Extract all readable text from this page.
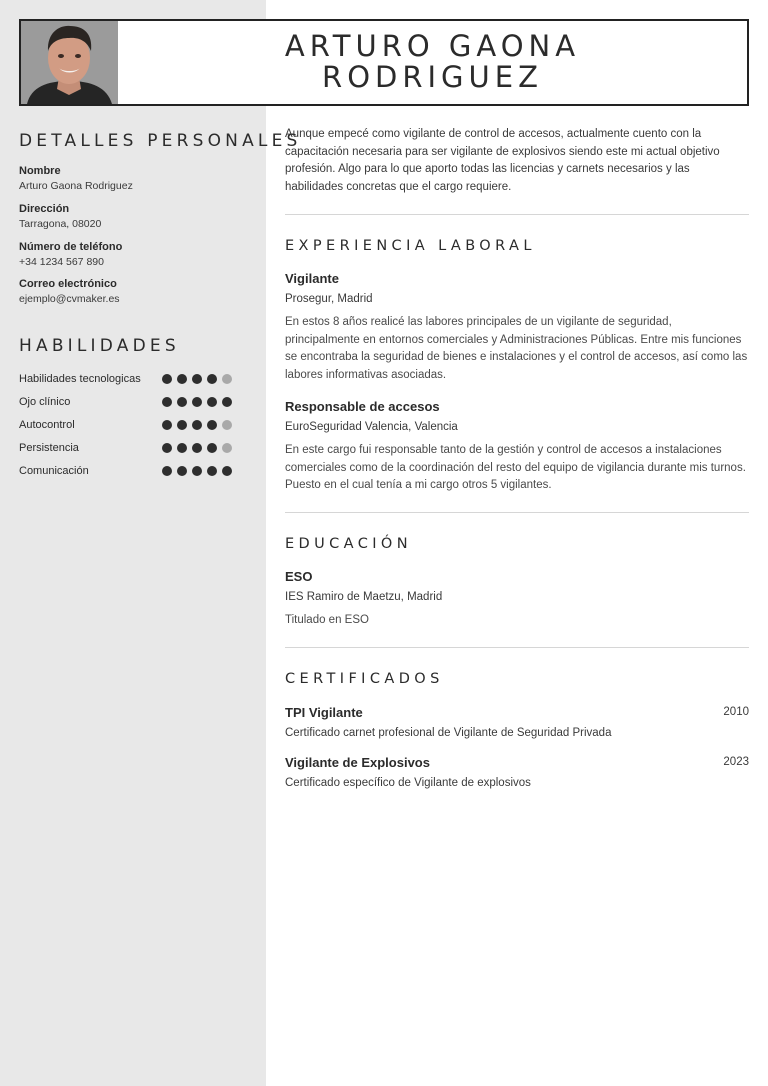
ARTURO GAONA
RODRIGUEZ
DETALLES PERSONALES
Nombre
Arturo Gaona Rodriguez
Dirección
Tarragona, 08020
Número de teléfono
+34 1234 567 890
Correo electrónico
ejemplo@cvmaker.es
HABILIDADES
Habilidades tecnologicas
Ojo clínico
Autocontrol
Persistencia
Comunicación
Aunque empecé como vigilante de control de accesos, actualmente cuento con la capacitación necesaria para ser vigilante de explosivos siendo este mi actual objetivo profesión. Algo para lo que aporto todas las licencias y carnets necesarios y las habilidades concretas que el cargo requiere.
EXPERIENCIA LABORAL
Vigilante
Prosegur, Madrid
En estos 8 años realicé las labores principales de un vigilante de seguridad, principalmente en entornos comerciales y Administraciones Públicas. Entre mis funciones se encontraba la seguridad de bienes e instalaciones y el control de accesos, así como las labores informativas asociadas.
Responsable de accesos
EuroSeguridad Valencia, Valencia
En este cargo fui responsable tanto de la gestión y control de accesos a instalaciones comerciales como de la coordinación del resto del equipo de vigilancia durante mis turnos. Puesto en el cual tenía a mi cargo otros 5 vigilantes.
EDUCACIÓN
ESO
IES Ramiro de Maetzu, Madrid
Titulado en ESO
CERTIFICADOS
TPI Vigilante	2010
Certificado carnet profesional de Vigilante de Seguridad Privada
Vigilante de Explosivos	2023
Certificado específico de Vigilante de explosivos
